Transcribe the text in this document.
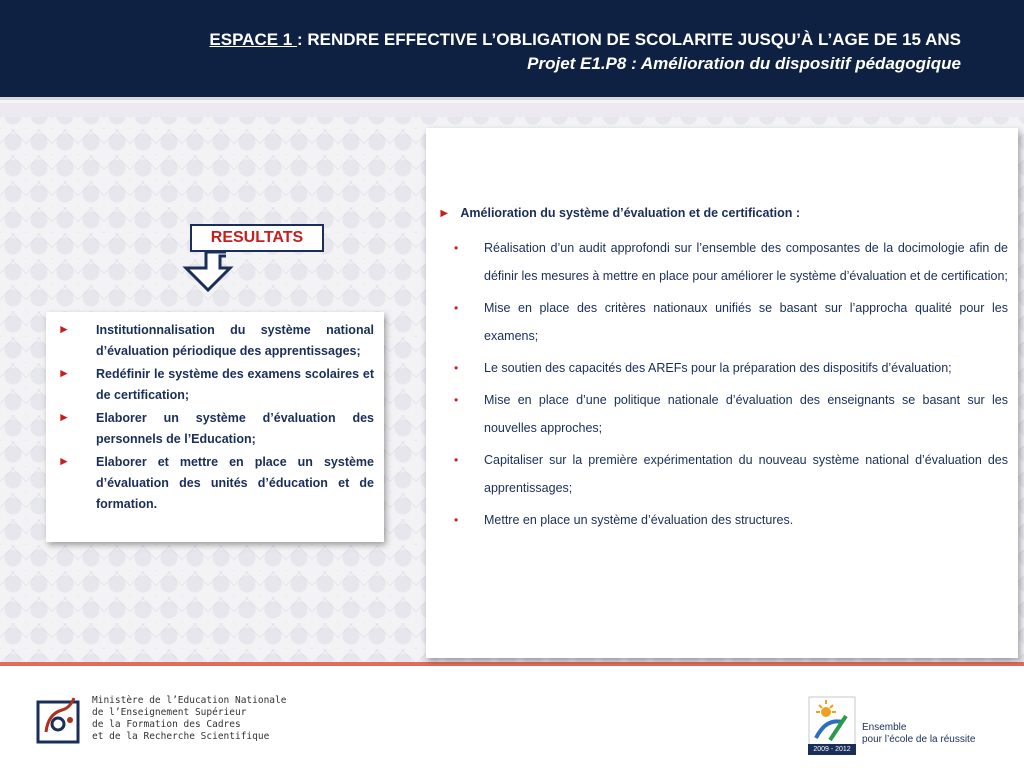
ESPACE 1 : RENDRE EFFECTIVE L’OBLIGATION DE SCOLARITE JUSQU’À L’AGE DE 15 ANS
Projet E1.P8 : Amélioration du dispositif pédagogique
RESULTATS
►	Institutionnalisation du système national d’évaluation périodique des apprentissages;
►	Redéfinir le système des examens scolaires et de certification;
►	Elaborer un système d’évaluation des personnels de l’Education;
►	Elaborer et mettre en place un système d’évaluation des unités d’éducation et de formation.
► Amélioration du système d’évaluation et de certification :
•	Réalisation d’un audit approfondi sur l’ensemble des composantes de la docimologie afin de définir les mesures à mettre en place pour améliorer le système d’évaluation et de certification;
•	Mise en place des critères nationaux unifiés se basant sur l’approcha qualité pour les examens;
•	Le soutien des capacités des AREFs pour la préparation des dispositifs d’évaluation;
•	Mise en place d’une politique nationale d’évaluation des enseignants se basant sur les nouvelles approches;
•	Capitaliser sur la première expérimentation du nouveau système national d’évaluation des apprentissages;
•	Mettre en place un système d’évaluation des structures.
Ministère de l’Education Nationale
de l’Enseignement Supérieur
de la Formation des Cadres
et de la Recherche Scientifique
2009 - 2012
Ensemble
pour l’école de la réussite
